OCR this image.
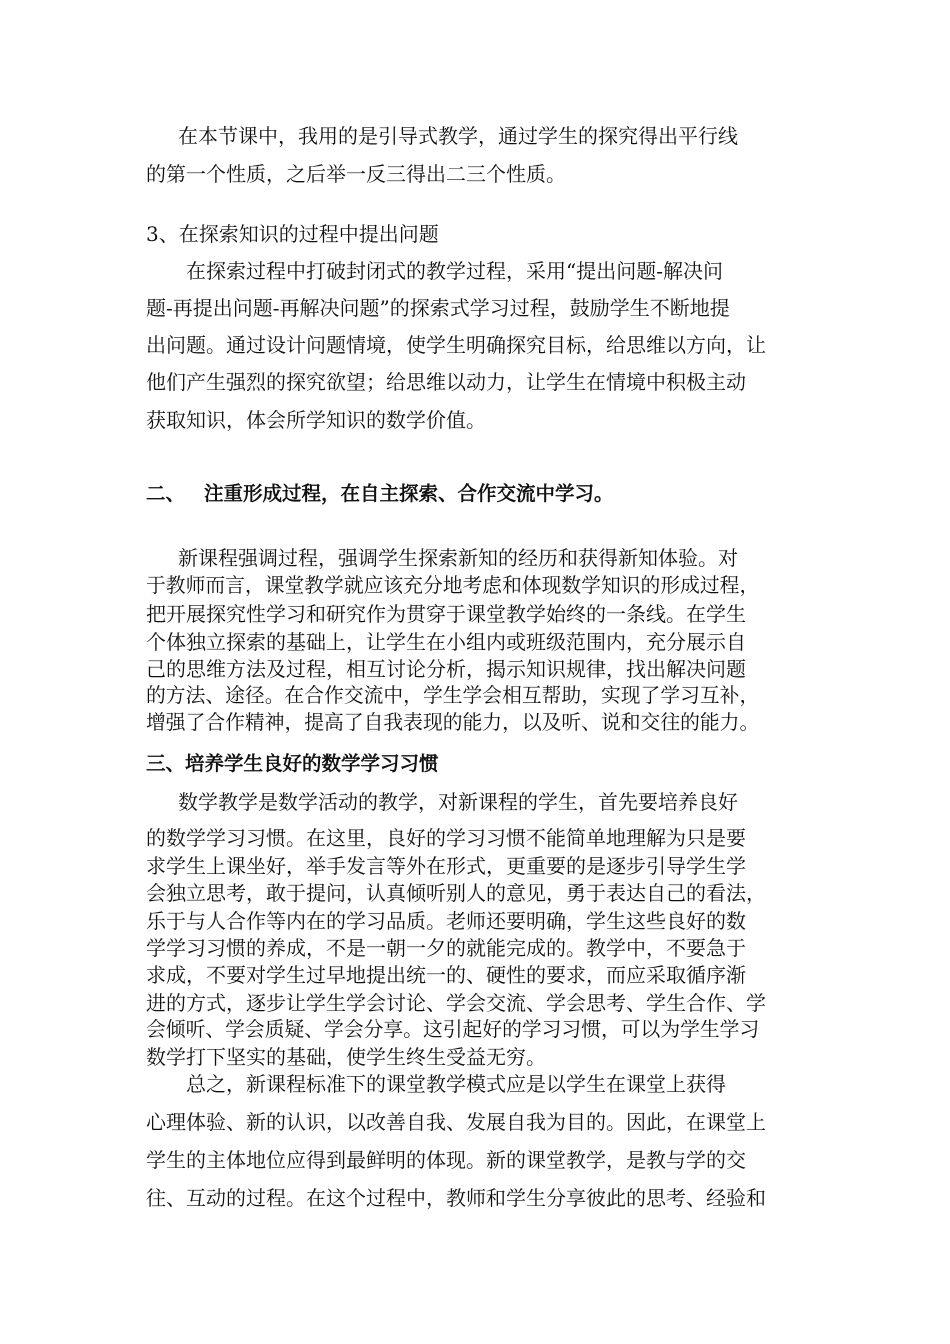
在本节课中，我用的是引导式教学，通过学生的探究得出平行线
的第一个性质，之后举一反三得出二三个性质。
3、在探索知识的过程中提出问题
在探索过程中打破封闭式的教学过程，采用“提出问题-解决问
题-再提出问题-再解决问题”的探索式学习过程，鼓励学生不断地提
出问题。通过设计问题情境，使学生明确探究目标，给思维以方向，让
他们产生强烈的探究欲望；给思维以动力，让学生在情境中积极主动
获取知识，体会所学知识的数学价值。
二、 注重形成过程，在自主探索、合作交流中学习。
新课程强调过程，强调学生探索新知的经历和获得新知体验。对
于教师而言，课堂教学就应该充分地考虑和体现数学知识的形成过程，
把开展探究性学习和研究作为贯穿于课堂教学始终的一条线。在学生
个体独立探索的基础上，让学生在小组内或班级范围内，充分展示自
己的思维方法及过程，相互讨论分析，揭示知识规律，找出解决问题
的方法、途径。在合作交流中，学生学会相互帮助，实现了学习互补，
增强了合作精神，提高了自我表现的能力，以及听、说和交往的能力。
三、培养学生良好的数学学习习惯
数学教学是数学活动的教学，对新课程的学生，首先要培养良好
的数学学习习惯。在这里，良好的学习习惯不能简单地理解为只是要
求学生上课坐好，举手发言等外在形式，更重要的是逐步引导学生学
会独立思考，敢于提问，认真倾听别人的意见，勇于表达自己的看法，
乐于与人合作等内在的学习品质。老师还要明确，学生这些良好的数
学学习习惯的养成，不是一朝一夕的就能完成的。教学中，不要急于
求成，不要对学生过早地提出统一的、硬性的要求，而应采取循序渐
进的方式，逐步让学生学会讨论、学会交流、学会思考、学生合作、学
会倾听、学会质疑、学会分享。这引起好的学习习惯，可以为学生学习
数学打下坚实的基础，使学生终生受益无穷。
总之，新课程标准下的课堂教学模式应是以学生在课堂上获得
心理体验、新的认识，以改善自我、发展自我为目的。因此，在课堂上
学生的主体地位应得到最鲜明的体现。新的课堂教学，是教与学的交
往、互动的过程。在这个过程中，教师和学生分享彼此的思考、经验和
